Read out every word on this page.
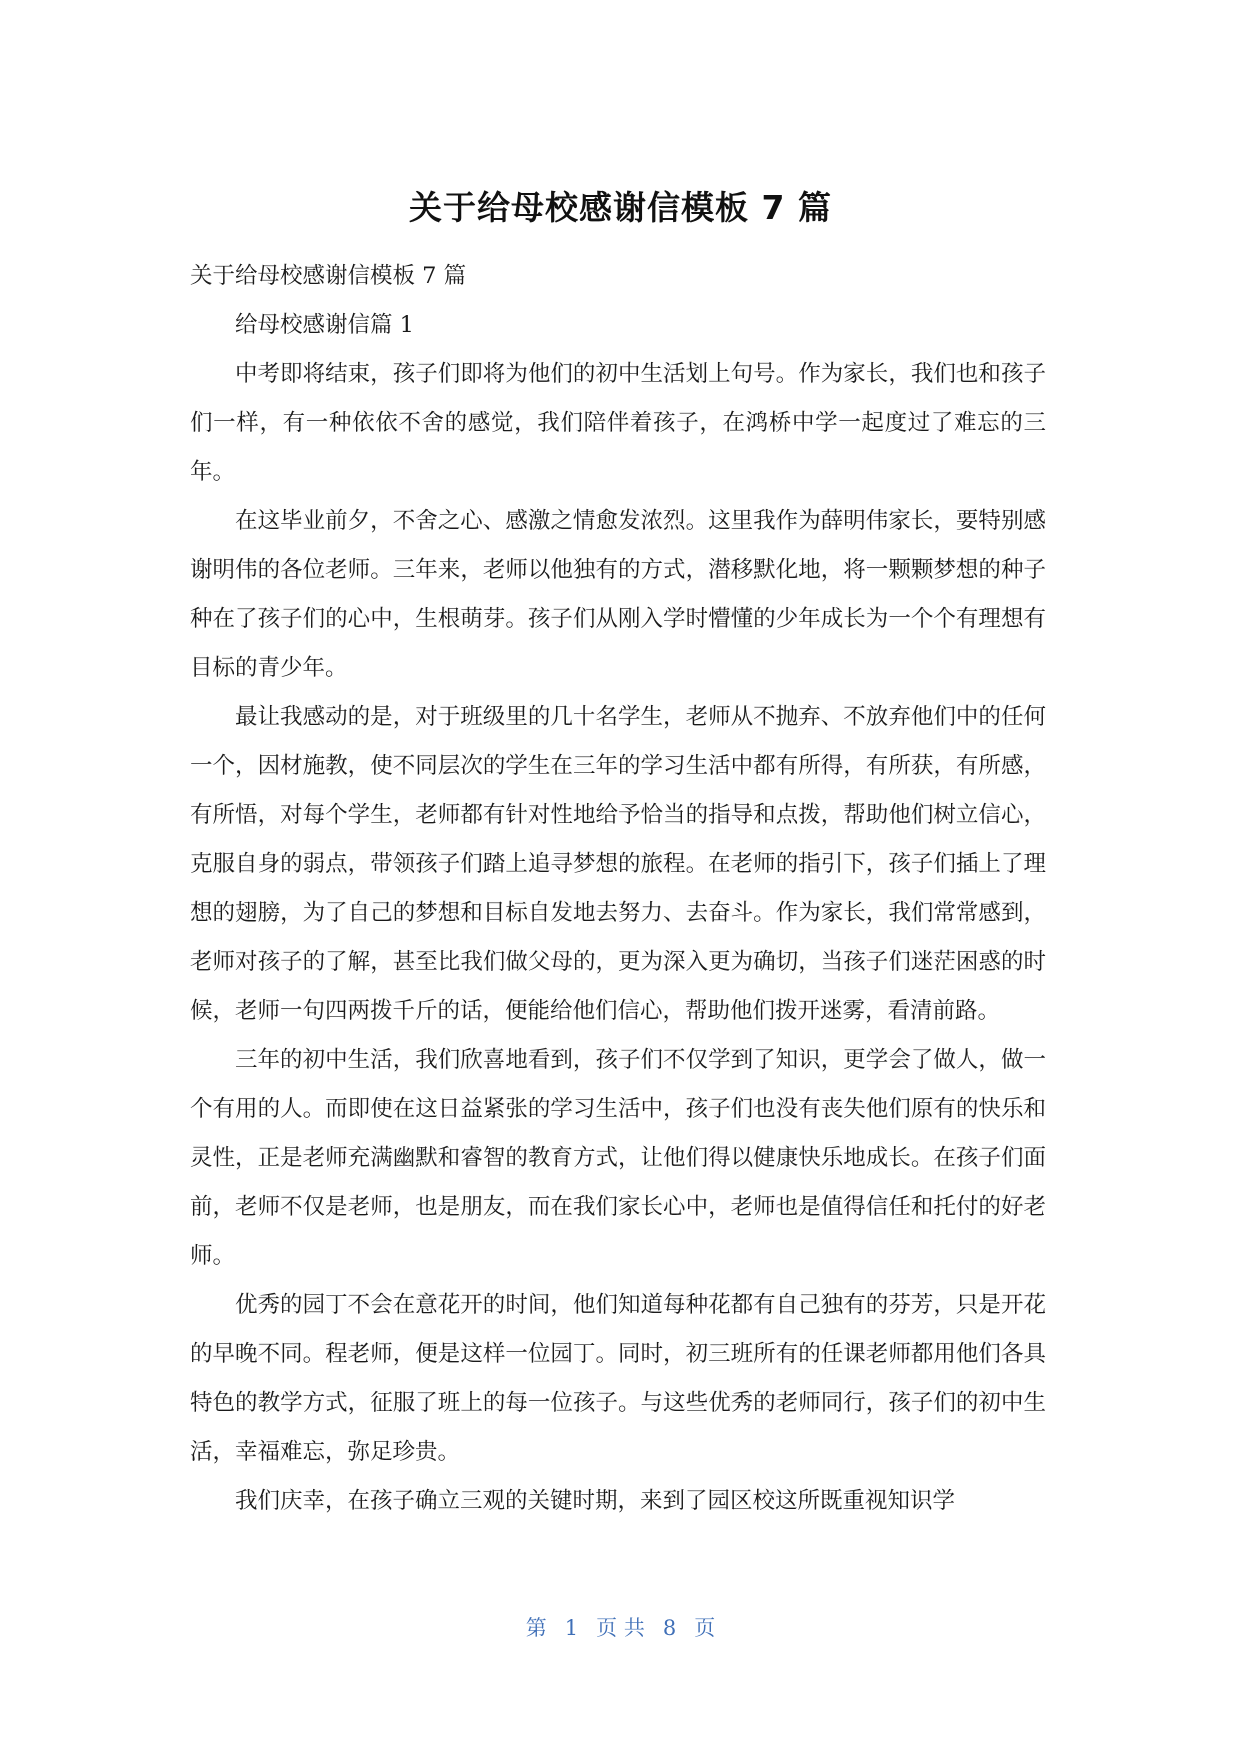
关于给母校感谢信模板 7 篇

关于给母校感谢信模板 7 篇

给母校感谢信篇 1

中考即将结束，孩子们即将为他们的初中生活划上句号。作为家长，我们也和孩子们一样，有一种依依不舍的感觉，我们陪伴着孩子，在鸿桥中学一起度过了难忘的三年。

在这毕业前夕，不舍之心、感激之情愈发浓烈。这里我作为薛明伟家长，要特别感谢明伟的各位老师。三年来，老师以他独有的方式，潜移默化地，将一颗颗梦想的种子种在了孩子们的心中，生根萌芽。孩子们从刚入学时懵懂的少年成长为一个个有理想有目标的青少年。

最让我感动的是，对于班级里的几十名学生，老师从不抛弃、不放弃他们中的任何一个，因材施教，使不同层次的学生在三年的学习生活中都有所得，有所获，有所感，有所悟，对每个学生，老师都有针对性地给予恰当的指导和点拨，帮助他们树立信心，克服自身的弱点，带领孩子们踏上追寻梦想的旅程。在老师的指引下，孩子们插上了理想的翅膀，为了自己的梦想和目标自发地去努力、去奋斗。作为家长，我们常常感到，老师对孩子的了解，甚至比我们做父母的，更为深入更为确切，当孩子们迷茫困惑的时候，老师一句四两拨千斤的话，便能给他们信心，帮助他们拨开迷雾，看清前路。

三年的初中生活，我们欣喜地看到，孩子们不仅学到了知识，更学会了做人，做一个有用的人。而即使在这日益紧张的学习生活中，孩子们也没有丧失他们原有的快乐和灵性，正是老师充满幽默和睿智的教育方式，让他们得以健康快乐地成长。在孩子们面前，老师不仅是老师，也是朋友，而在我们家长心中，老师也是值得信任和托付的好老师。

优秀的园丁不会在意花开的时间，他们知道每种花都有自己独有的芬芳，只是开花的早晚不同。程老师，便是这样一位园丁。同时，初三班所有的任课老师都用他们各具特色的教学方式，征服了班上的每一位孩子。与这些优秀的老师同行，孩子们的初中生活，幸福难忘，弥足珍贵。

我们庆幸，在孩子确立三观的关键时期，来到了园区校这所既重视知识学

第 1 页 共 8 页
